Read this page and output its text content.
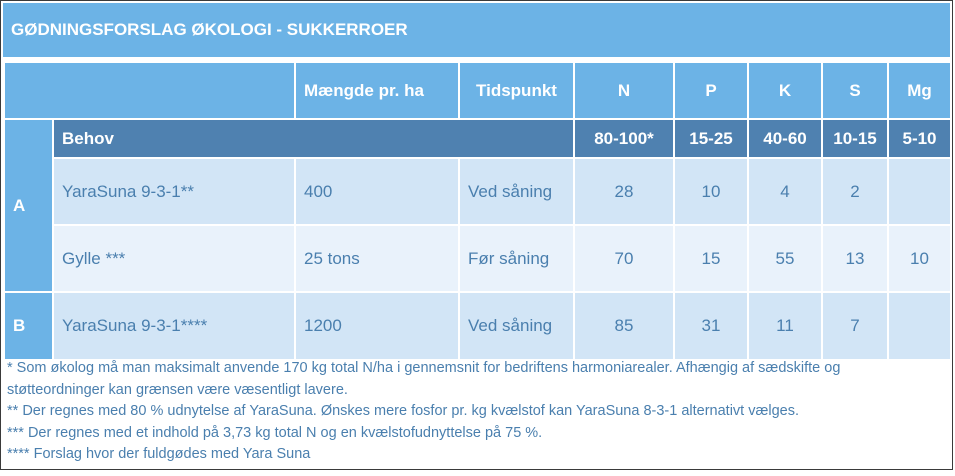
GØDNINGSFORSLAG ØKOLOGI - SUKKERROER
		Mængde pr. ha	Tidspunkt	N	P	K	S	Mg
A	Behov			80-100*	15-25	40-60	10-15	5-10
	YaraSuna 9-3-1**	400	Ved såning	28	10	4	2	
	Gylle ***	25 tons	Før såning	70	15	55	13	10
B	YaraSuna 9-3-1****	1200	Ved såning	85	31	11	7	
* Som økolog må man maksimalt anvende 170 kg total N/ha i gennemsnit for bedriftens harmoniarealer. Afhængig af sædskifte og
støtteordninger kan grænsen være væsentligt lavere.
** Der regnes med 80 % udnytelse af YaraSuna. Ønskes mere fosfor pr. kg kvælstof kan YaraSuna 8-3-1 alternativt vælges.
*** Der regnes med et indhold på 3,73 kg total N og en kvælstofudnyttelse på 75 %.
**** Forslag hvor der fuldgødes med Yara Suna
